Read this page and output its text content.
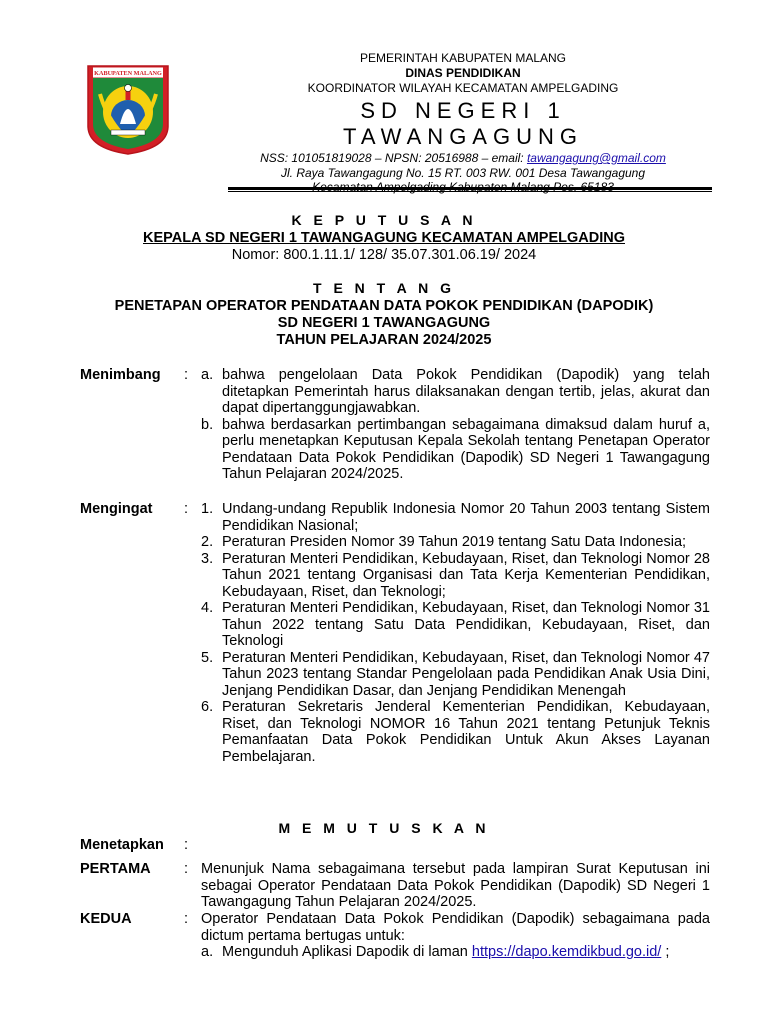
KABUPATEN MALANG
PEMERINTAH KABUPATEN MALANG
DINAS PENDIDIKAN
KOORDINATOR WILAYAH KECAMATAN AMPELGADING
SD NEGERI 1
TAWANGAGUNG
NSS: 101051819028 – NPSN: 20516988 – email: tawangagung@gmail.com
Jl. Raya Tawangagung No. 15 RT. 003 RW. 001 Desa Tawangagung
K E P U T U S A N
KEPALA SD NEGERI 1 TAWANGAGUNG KECAMATAN AMPELGADING
Nomor: 800.1.11.1/ 128/ 35.07.301.06.19/ 2024
T E N T A N G
PENETAPAN OPERATOR PENDATAAN DATA POKOK PENDIDIKAN (DAPODIK)
SD NEGERI 1 TAWANGAGUNG
TAHUN PELAJARAN 2024/2025
Menimbang : a. bahwa pengelolaan Data Pokok Pendidikan (Dapodik) yang telah ditetapkan Pemerintah harus dilaksanakan dengan tertib, jelas, akurat dan dapat dipertanggungjawabkan.
b. bahwa berdasarkan pertimbangan sebagaimana dimaksud dalam huruf a, perlu menetapkan Keputusan Kepala Sekolah tentang Penetapan Operator Pendataan Data Pokok Pendidikan (Dapodik) SD Negeri 1 Tawangagung Tahun Pelajaran 2024/2025.
Mengingat : 1. Undang-undang Republik Indonesia Nomor 20 Tahun 2003 tentang Sistem Pendidikan Nasional;
2. Peraturan Presiden Nomor 39 Tahun 2019 tentang Satu Data Indonesia;
3. Peraturan Menteri Pendidikan, Kebudayaan, Riset, dan Teknologi Nomor 28 Tahun 2021 tentang Organisasi dan Tata Kerja Kementerian Pendidikan, Kebudayaan, Riset, dan Teknologi;
4. Peraturan Menteri Pendidikan, Kebudayaan, Riset, dan Teknologi Nomor 31 Tahun 2022 tentang Satu Data Pendidikan, Kebudayaan, Riset, dan Teknologi
5. Peraturan Menteri Pendidikan, Kebudayaan, Riset, dan Teknologi Nomor 47 Tahun 2023 tentang Standar Pengelolaan pada Pendidikan Anak Usia Dini, Jenjang Pendidikan Dasar, dan Jenjang Pendidikan Menengah
6. Peraturan Sekretaris Jenderal Kementerian Pendidikan, Kebudayaan, Riset, dan Teknologi NOMOR 16 Tahun 2021 tentang Petunjuk Teknis Pemanfaatan Data Pokok Pendidikan Untuk Akun Akses Layanan Pembelajaran.
M E M U T U S K A N
Menetapkan :
PERTAMA : Menunjuk Nama sebagaimana tersebut pada lampiran Surat Keputusan ini sebagai Operator Pendataan Data Pokok Pendidikan (Dapodik) SD Negeri 1 Tawangagung Tahun Pelajaran 2024/2025.
KEDUA	: Operator Pendataan Data Pokok Pendidikan (Dapodik) sebagaimana pada dictum pertama bertugas untuk:
a. Mengunduh Aplikasi Dapodik di laman https://dapo.kemdikbud.go.id/ ;
